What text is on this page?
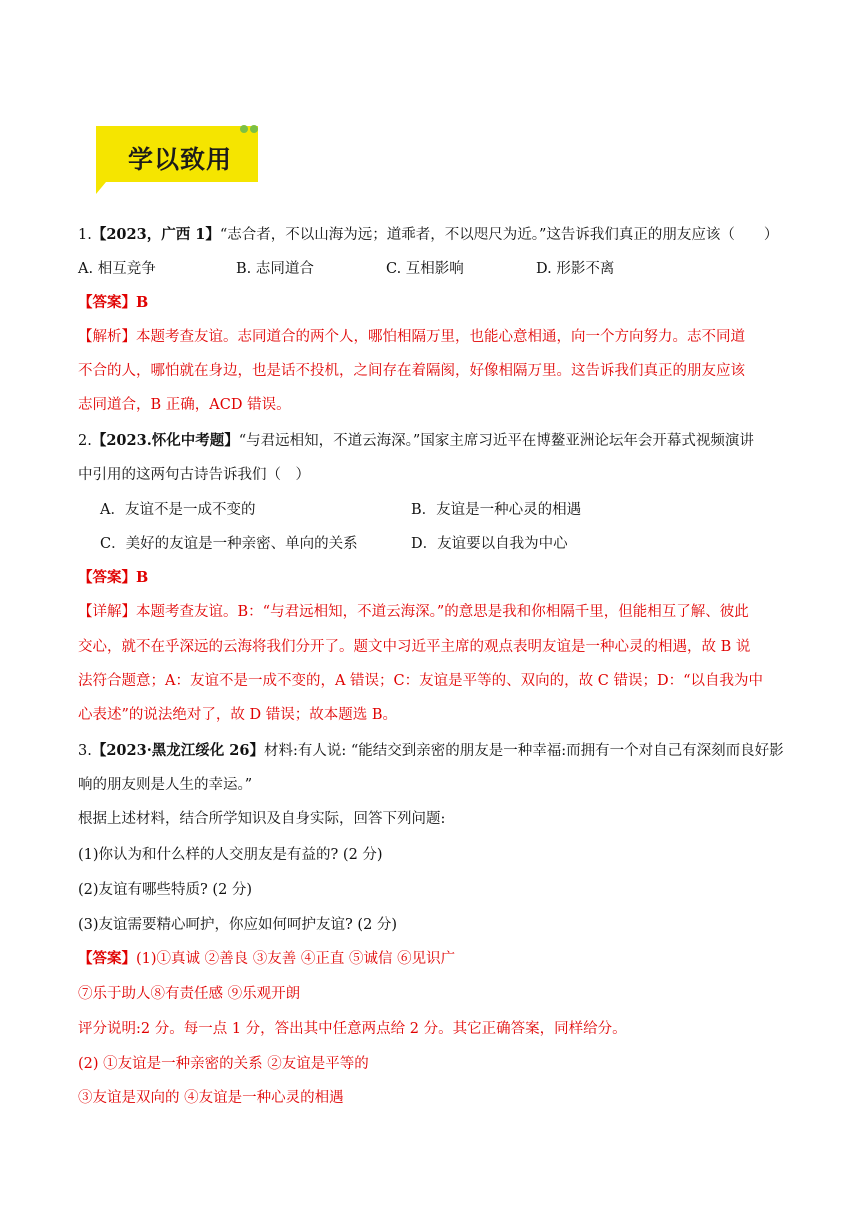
学以致用
1.【2023，广西 1】“志合者，不以山海为远；道乖者，不以咫尺为近。”这告诉我们真正的朋友应该（　　）
A. 相互竞争	B. 志同道合	C. 互相影响	D. 形影不离
【答案】B
【解析】本题考查友谊。志同道合的两个人，哪怕相隔万里，也能心意相通，向一个方向努力。志不同道
不合的人，哪怕就在身边，也是话不投机，之间存在着隔阂，好像相隔万里。这告诉我们真正的朋友应该
志同道合，B 正确，ACD 错误。
2.【2023.怀化中考题】“与君远相知，不道云海深。”国家主席习近平在博鳌亚洲论坛年会开幕式视频演讲
中引用的这两句古诗告诉我们（　）
A．友谊不是一成不变的	B．友谊是一种心灵的相遇
C．美好的友谊是一种亲密、单向的关系	D．友谊要以自我为中心
【答案】B
【详解】本题考查友谊。B：“与君远相知，不道云海深。”的意思是我和你相隔千里，但能相互了解、彼此
交心，就不在乎深远的云海将我们分开了。题文中习近平主席的观点表明友谊是一种心灵的相遇，故 B 说
法符合题意；A：友谊不是一成不变的，A 错误；C：友谊是平等的、双向的，故 C 错误；D：“以自我为中
心表述”的说法绝对了，故 D 错误；故本题选 B。
3.【2023·黑龙江绥化 26】材料:有人说: “能结交到亲密的朋友是一种幸福:而拥有一个对自己有深刻而良好影
响的朋友则是人生的幸运。”
根据上述材料，结合所学知识及自身实际，回答下列问题:
(1)你认为和什么样的人交朋友是有益的? (2 分)
(2)友谊有哪些特质? (2 分)
(3)友谊需要精心呵护，你应如何呵护友谊? (2 分)
【答案】(1)①真诚 ②善良 ③友善 ④正直 ⑤诚信 ⑥见识广
⑦乐于助人⑧有责任感 ⑨乐观开朗
评分说明:2 分。每一点 1 分，答出其中任意两点给 2 分。其它正确答案，同样给分。
(2) ①友谊是一种亲密的关系 ②友谊是平等的
③友谊是双向的 ④友谊是一种心灵的相遇
